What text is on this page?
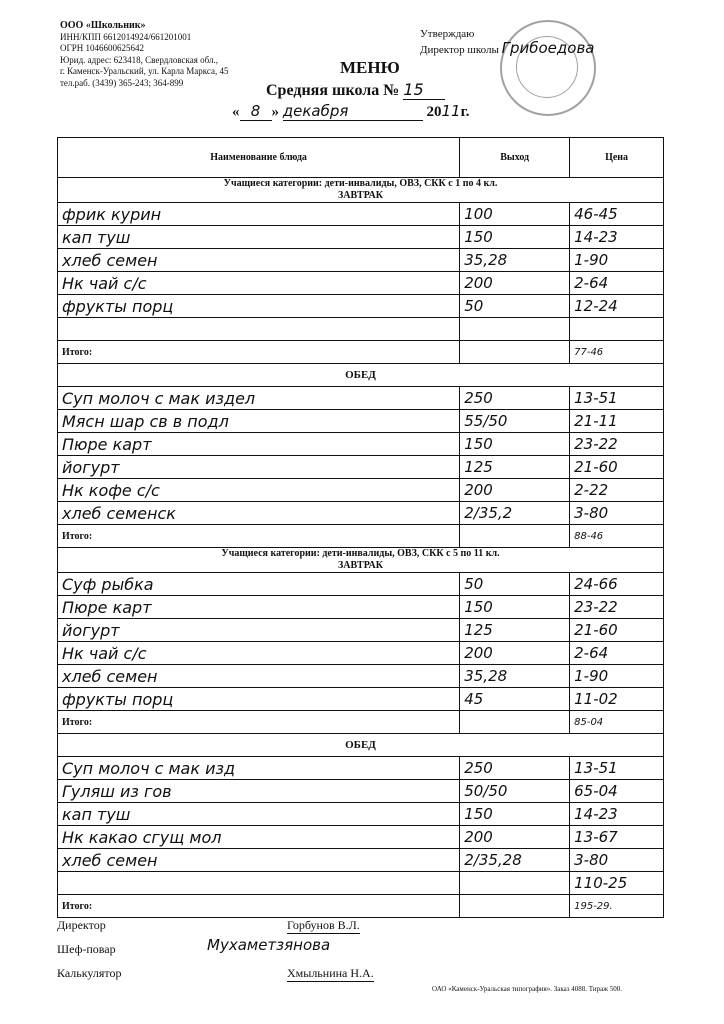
ООО «Школьник»
ИНН/КПП 6612014924/661201001
ОГРН 1046600625642
Юрид. адрес: 623418, Свердловская обл.,
г. Каменск-Уральский, ул. Карла Маркса, 45
тел.раб. (3439) 365-243; 364-899
Утверждаю
Директор школы Грибоедова
МЕНЮ
Средняя школа № 15
« 8 » декабря	2011г.
Наименование блюда	Выход	Цена
Учащиеся категории: дети-инвалиды, ОВЗ, СКК с 1 по 4 кл.
ЗАВТРАК		
фрик курин	100	46-45
кап туш	150	14-23
хлеб семен	35,28	1-90
Нк чай с/с	200	2-64
фрукты порц	50	12-24

Итого:		77-46
ОБЕД		
Суп молоч с мак издел	250	13-51
Мясн шар св в подл	55/50	21-11
Пюре карт	150	23-22
йогурт	125	21-60
Нк кофе с/с	200	2-22
хлеб семенск	2/35,2	3-80
Итого:		88-46
Учащиеся категории: дети-инвалиды, ОВЗ, СКК с 5 по 11 кл.
ЗАВТРАК		
Суф рыбка	50	24-66
Пюре карт	150	23-22
йогурт	125	21-60
Нк чай с/с	200	2-64
хлеб семен	35,28	1-90
фрукты порц	45	11-02
Итого:		85-04
ОБЕД		
Суп молоч с мак изд	250	13-51
Гуляш из гов	50/50	65-04
кап туш	150	14-23
Нк какао сгущ мол	200	13-67
хлеб семен	2/35,28	3-80
		110-25
Итого:		195-29.
Директор	Горбунов В.Л.
Шеф-повар	Мухаметзянова
Калькулятор	Хмыльнина Н.А.
ОАО «Каменск-Уральская типография». Заказ 4088. Тираж 500.
